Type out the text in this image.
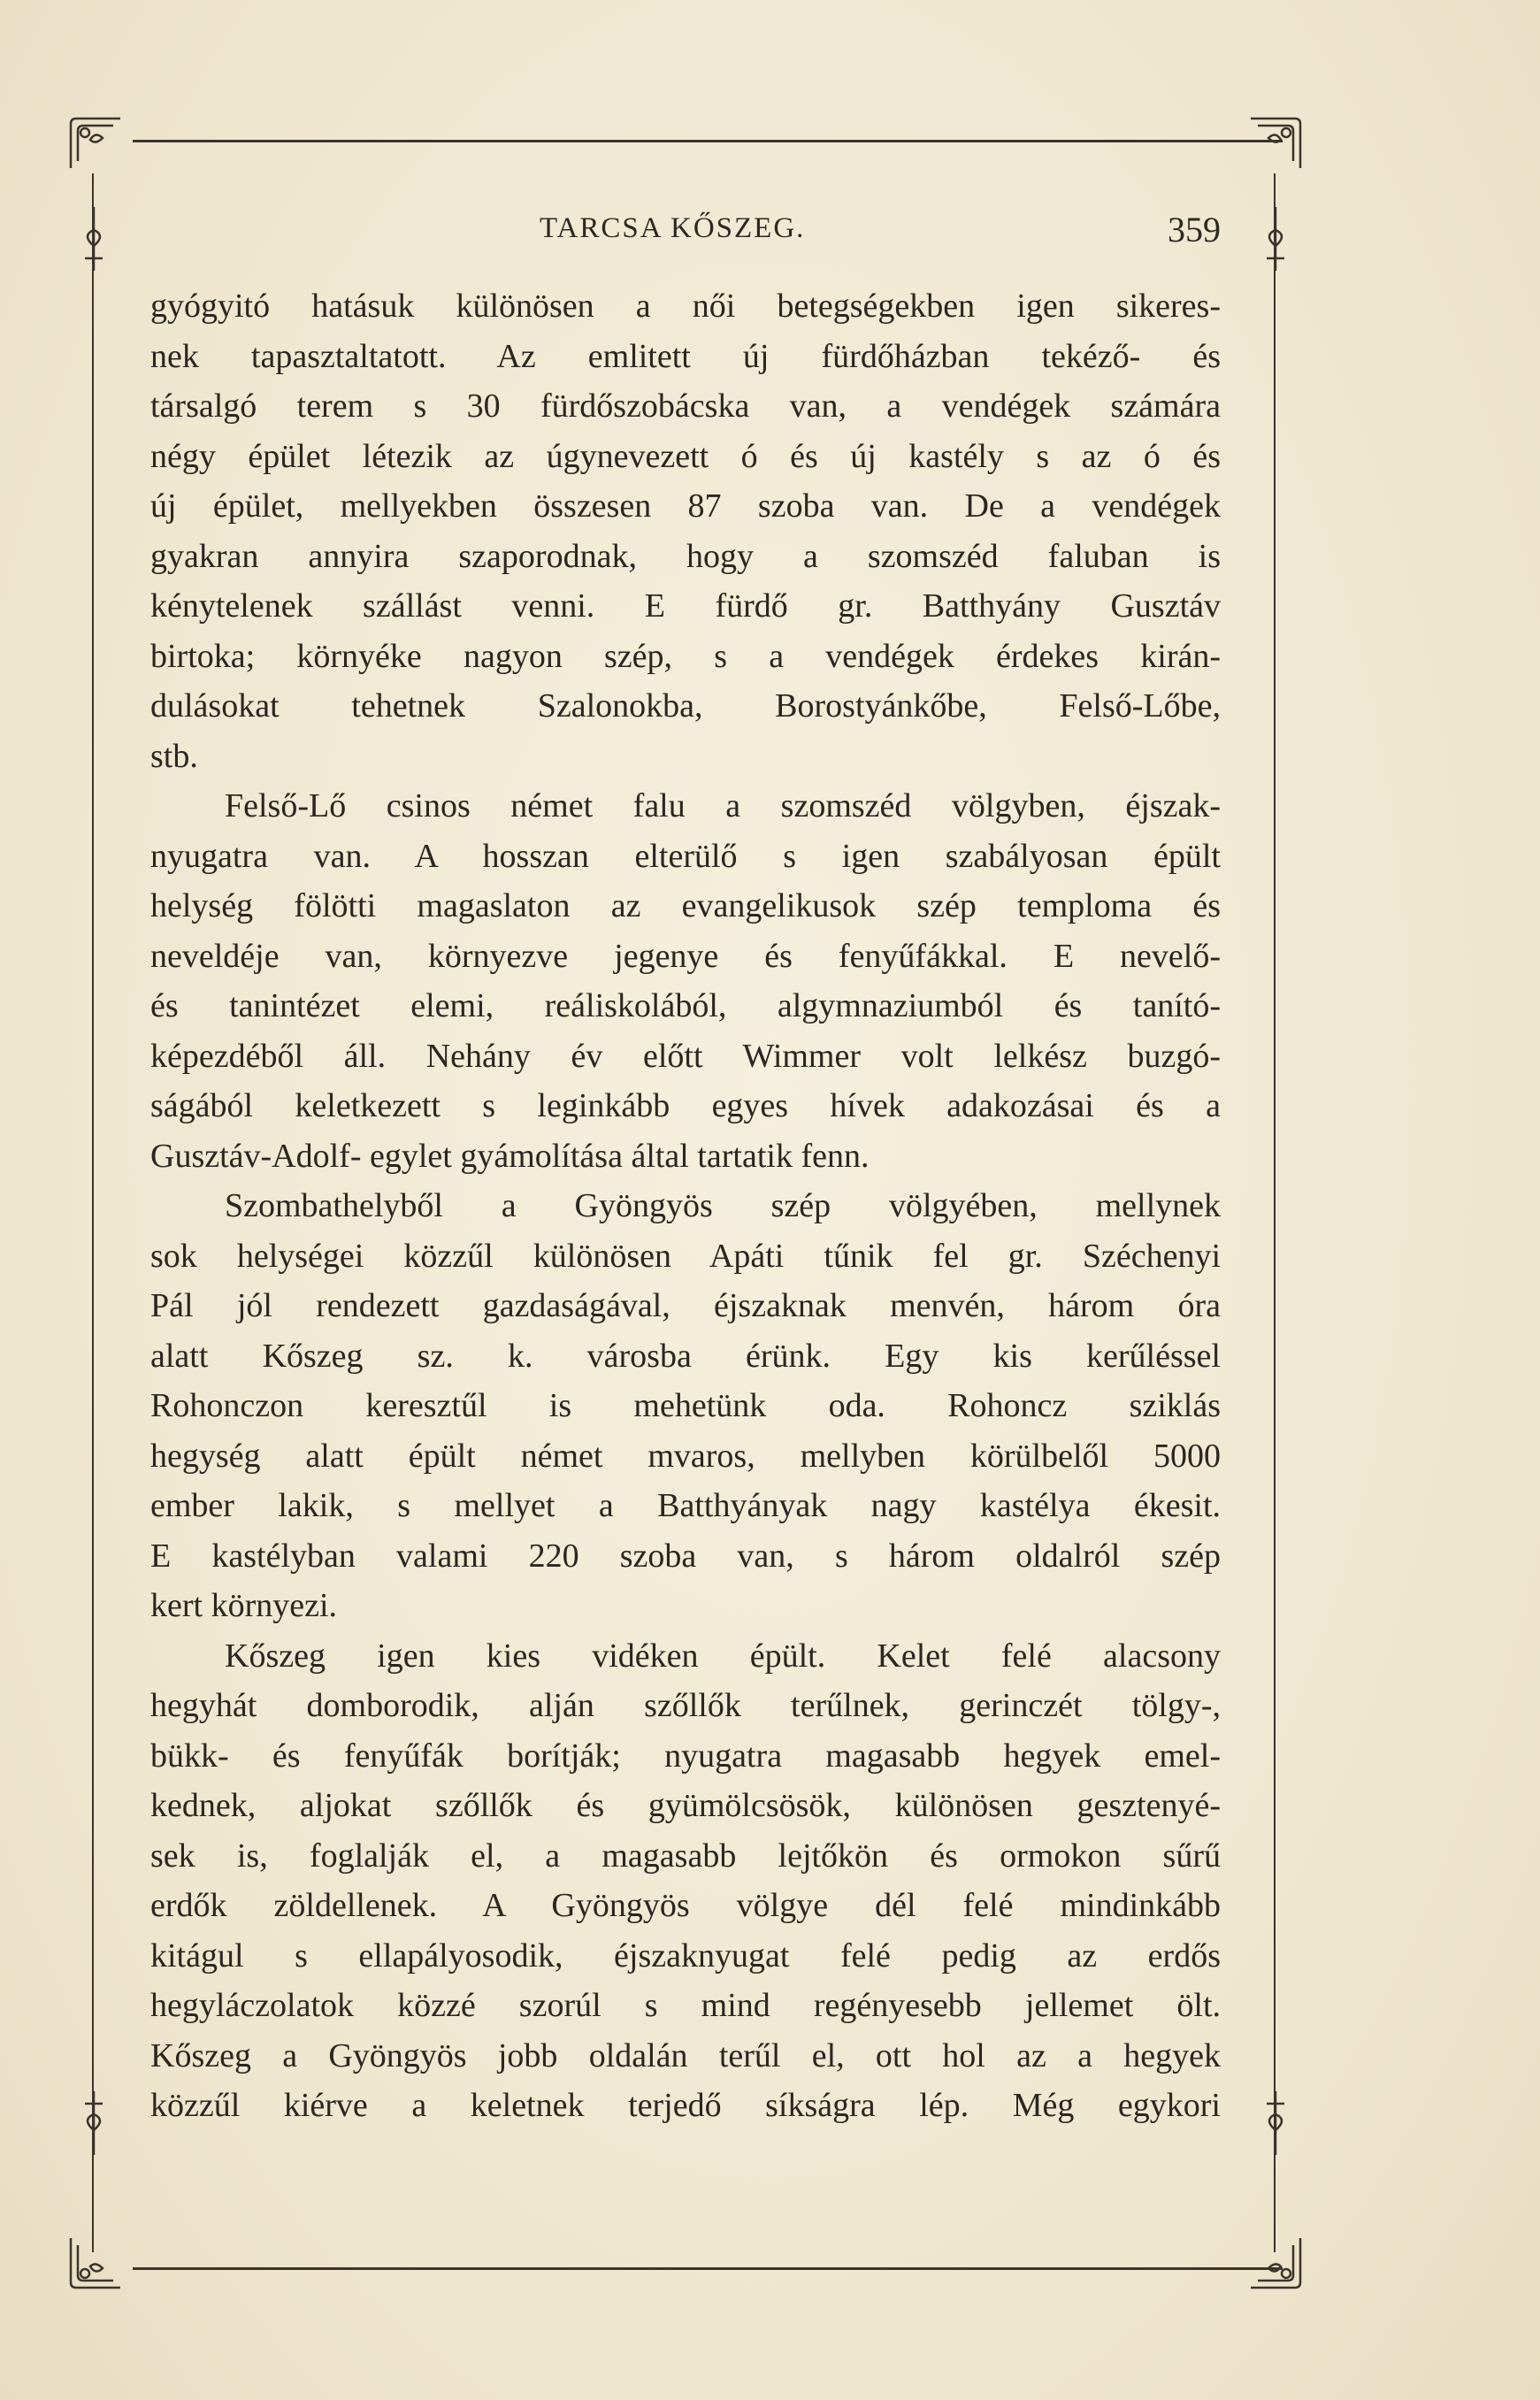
TARCSA KŐSZEG.	359
gyógyitó hatásuk különösen a női betegségekben igen sikeres-
nek tapasztaltatott. Az emlitett új fürdőházban tekéző- és
társalgó terem s 30 fürdőszobácska van, a vendégek számára
négy épület létezik az úgynevezett ó és új kastély s az ó és
új épület, mellyekben összesen 87 szoba van. De a vendégek
gyakran annyira szaporodnak, hogy a szomszéd faluban is
kénytelenek szállást venni. E fürdő gr. Batthyány Gusztáv
birtoka; környéke nagyon szép, s a vendégek érdekes kirán-
dulásokat tehetnek Szalonokba, Borostyánkőbe, Felső-Lőbe,
stb.
Felső-Lő csinos német falu a szomszéd völgyben, éjszak-
nyugatra van. A hosszan elterülő s igen szabályosan épült
helység fölötti magaslaton az evangelikusok szép temploma és
neveldéje van, környezve jegenye és fenyűfákkal. E nevelő-
és tanintézet elemi, reáliskolából, algymnaziumból és tanító-
képezdéből áll. Nehány év előtt Wimmer volt lelkész buzgó-
ságából keletkezett s leginkább egyes hívek adakozásai és a
Gusztáv-Adolf- egylet gyámolítása által tartatik fenn.
Szombathelyből a Gyöngyös szép völgyében, mellynek
sok helységei közzűl különösen Apáti tűnik fel gr. Széchenyi
Pál jól rendezett gazdaságával, éjszaknak menvén, három óra
alatt Kőszeg sz. k. városba érünk. Egy kis kerűléssel
Rohonczon keresztűl is mehetünk oda. Rohoncz sziklás
hegység alatt épült német mvaros, mellyben körülbelől 5000
ember lakik, s mellyet a Batthyányak nagy kastélya ékesit.
E kastélyban valami 220 szoba van, s három oldalról szép
kert környezi.
Kőszeg igen kies vidéken épült. Kelet felé alacsony
hegyhát domborodik, alján szőllők terűlnek, gerinczét tölgy-,
bükk- és fenyűfák borítják; nyugatra magasabb hegyek emel-
kednek, aljokat szőllők és gyümölcsösök, különösen gesztenyé-
sek is, foglalják el, a magasabb lejtőkön és ormokon sűrű
erdők zöldellenek. A Gyöngyös völgye dél felé mindinkább
kitágul s ellapályosodik, éjszaknyugat felé pedig az erdős
hegyláczolatok közzé szorúl s mind regényesebb jellemet ölt.
Kőszeg a Gyöngyös jobb oldalán terűl el, ott hol az a hegyek
közzűl kiérve a keletnek terjedő síkságra lép. Még egykori
